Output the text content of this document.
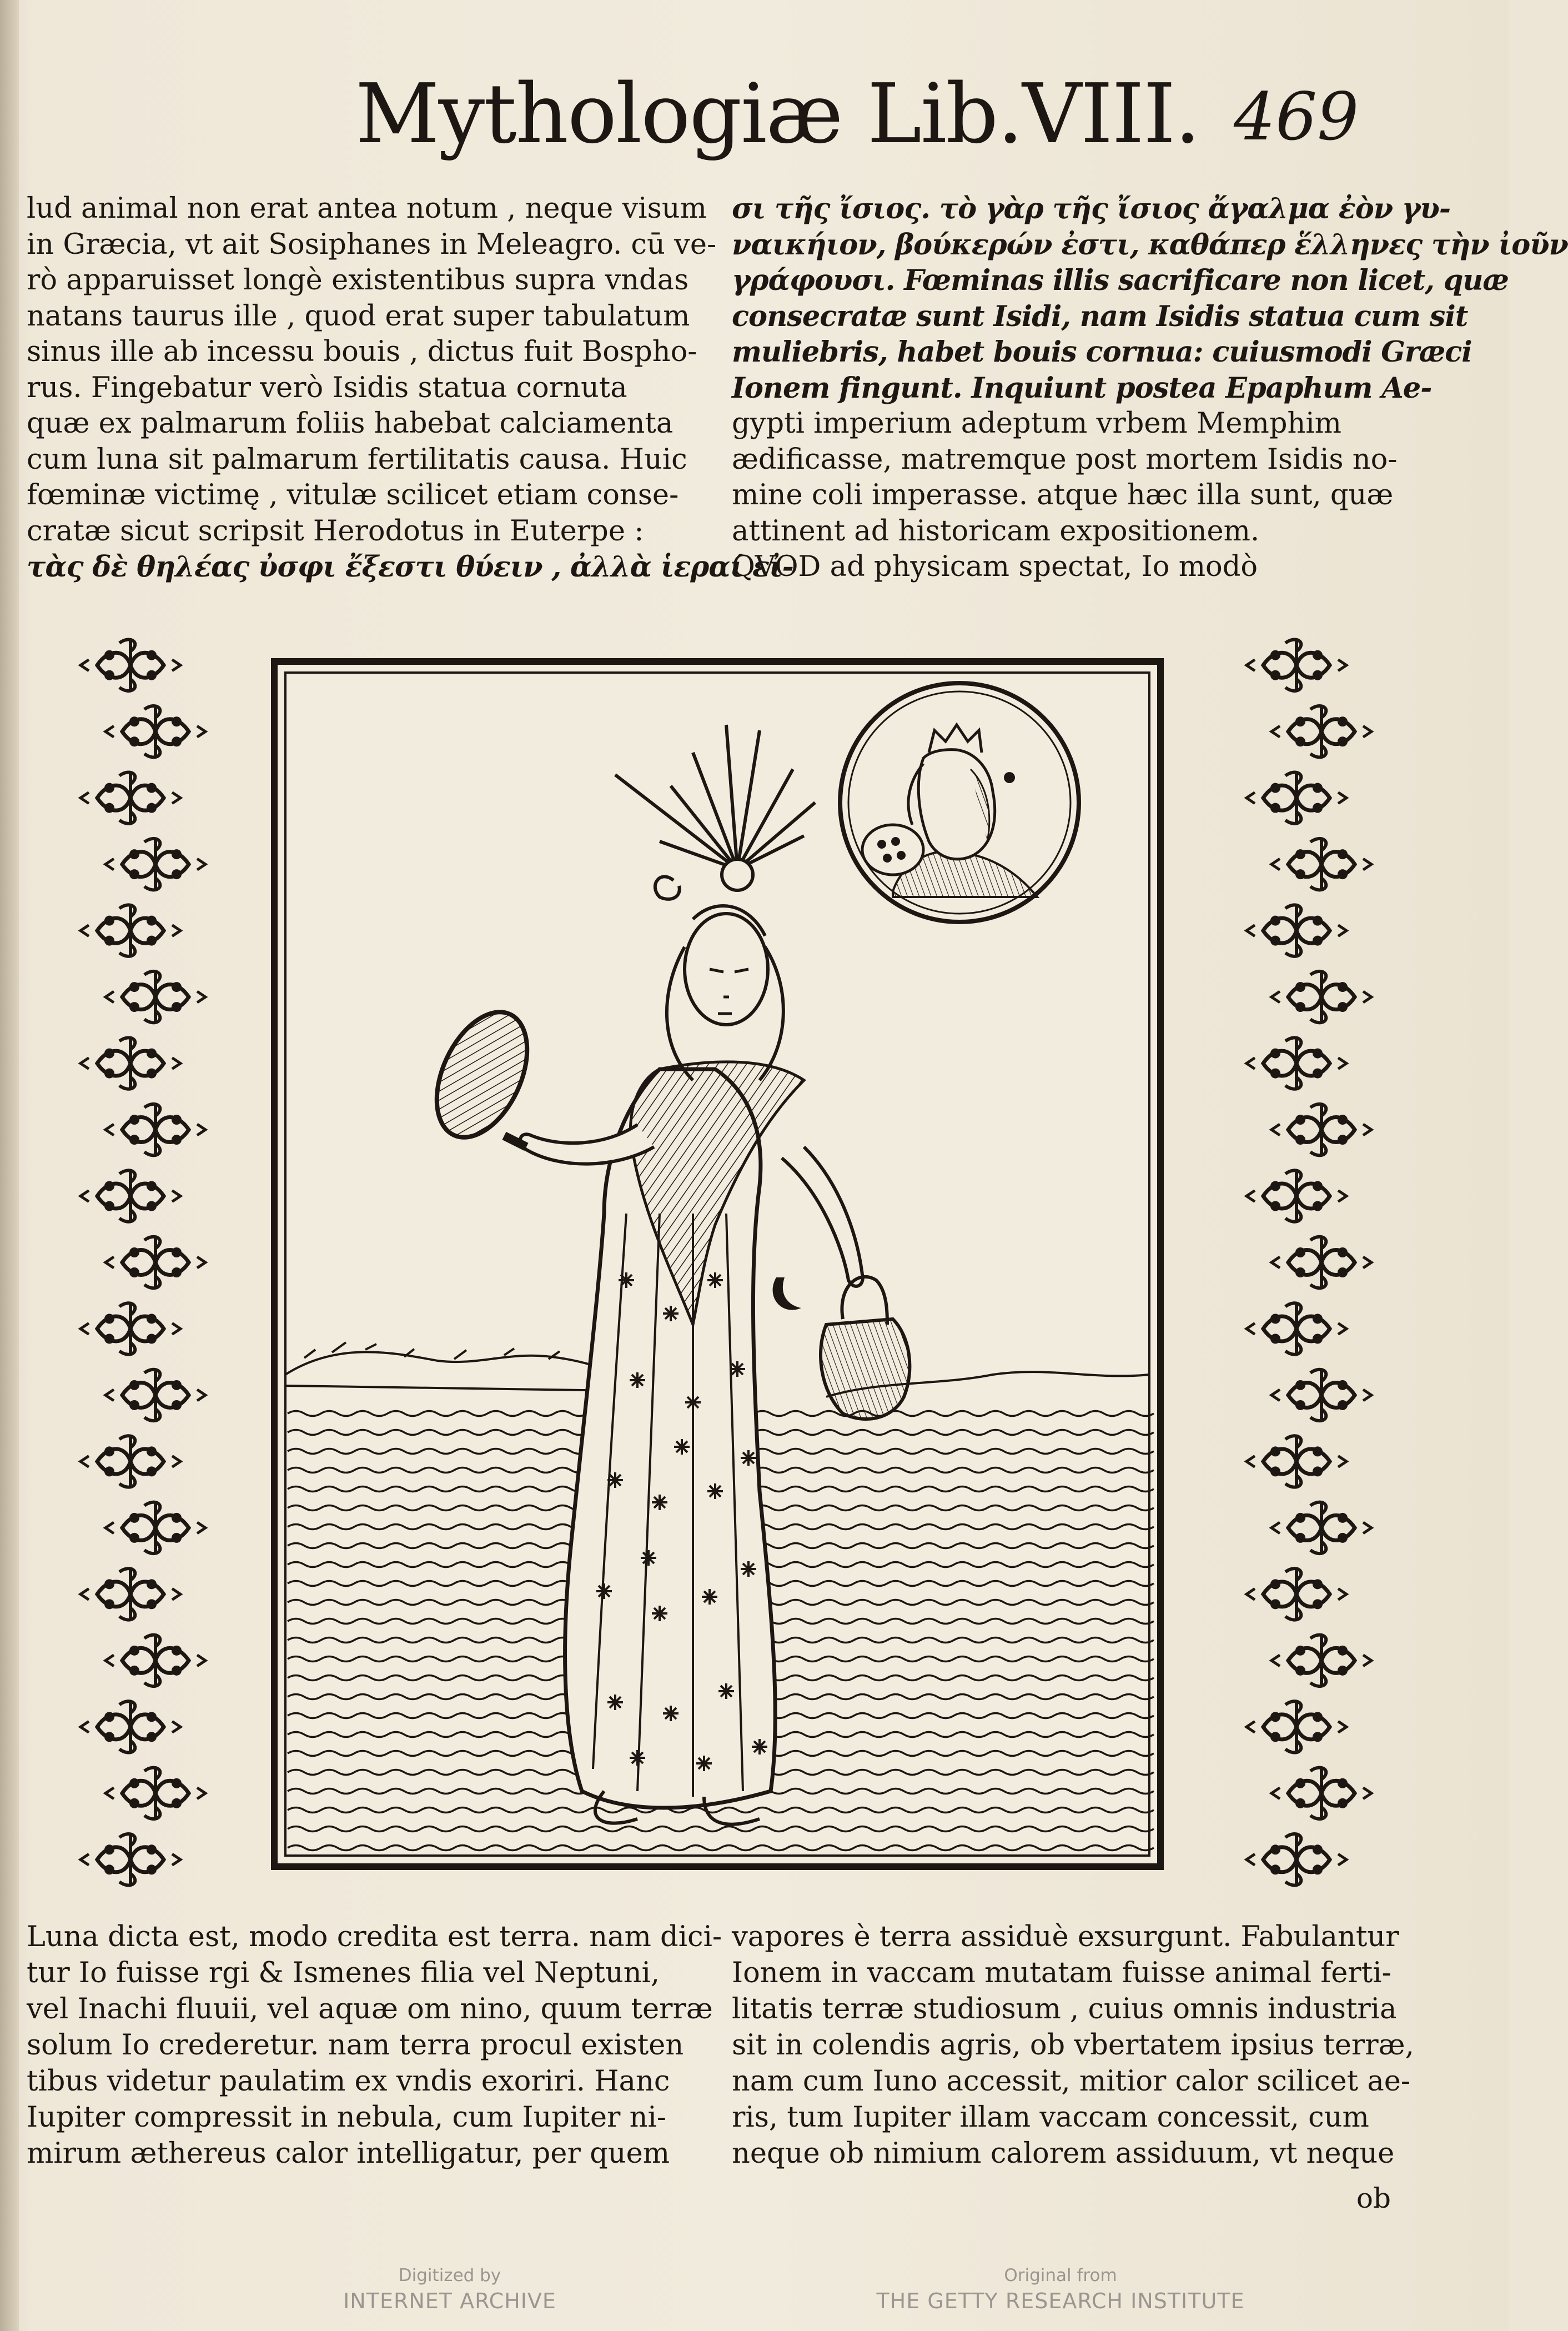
Mythologiæ Lib.VIII. 469
lud animal non erat antea notum , neque visum
in Græcia, vt ait Sosiphanes in Meleagro. cū ve-
rò apparuisset longè existentibus supra vndas
natans taurus ille , quod erat super tabulatum
sinus ille ab incessu bouis , dictus fuit Bospho-
rus. Fingebatur verò Isidis statua cornuta
quæ ex palmarum foliis habebat calciamenta
cum luna sit palmarum fertilitatis causa. Huic
fœminæ victimę , vitulæ scilicet etiam conse-
cratæ sicut scripsit Herodotus in Euterpe :
τὰς δὲ θηλέας ὐσφι ἔξεστι θύειν , ἀλλὰ ἱεραί εἰ-
σι τῆς ἴσιος. τὸ γὰρ τῆς ἴσιος ἄγαλμα ἐὸν γυ-
ναικήιον, βούκερών ἐστι, καθάπερ ἕλληνες τὴν ἰοῦν
γράφουσι. Fœminas illis sacrificare non licet, quæ
consecratæ sunt Isidi, nam Isidis statua cum sit
muliebris, habet bouis cornua: cuiusmodi Græci
Ionem fingunt. Inquiunt postea Epaphum Ae-
gypti imperium adeptum vrbem Memphim
ædificasse, matremque post mortem Isidis no-
mine coli imperasse. atque hæc illa sunt, quæ
attinent ad historicam expositionem.
QVOD ad physicam spectat, Io modò
Luna dicta est, modo credita est terra. nam dici-
tur Io fuisse rgi & Ismenes filia vel Neptuni,
vel Inachi fluuii, vel aquæ om nino, quum terræ
solum Io crederetur. nam terra procul existen
tibus videtur paulatim ex vndis exoriri. Hanc
Iupiter compressit in nebula, cum Iupiter ni-
mirum æthereus calor intelligatur, per quem
vapores è terra assiduè exsurgunt. Fabulantur
Ionem in vaccam mutatam fuisse animal ferti-
litatis terræ studiosum , cuius omnis industria
sit in colendis agris, ob vbertatem ipsius terræ,
nam cum Iuno accessit, mitior calor scilicet ae-
ris, tum Iupiter illam vaccam concessit, cum
neque ob nimium calorem assiduum, vt neque
ob
Digitized by
INTERNET ARCHIVE
Original from
THE GETTY RESEARCH INSTITUTE
